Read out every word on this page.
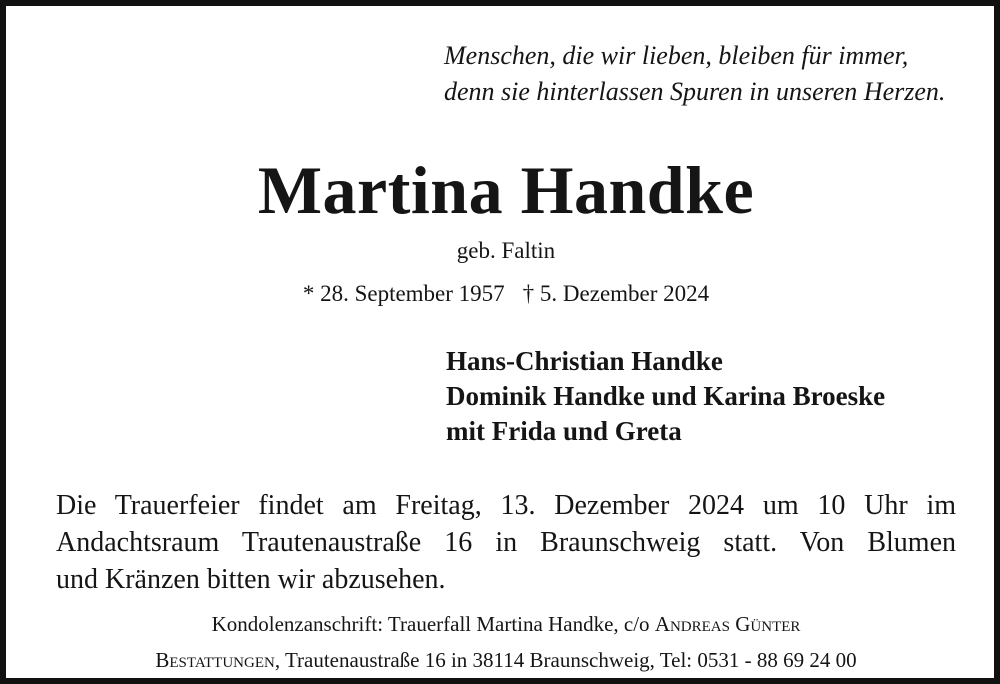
Menschen, die wir lieben, bleiben für immer,
denn sie hinterlassen Spuren in unseren Herzen.
Martina Handke
geb. Faltin
* 28. September 1957 † 5. Dezember 2024
Hans-Christian Handke
Dominik Handke und Karina Broeske
mit Frida und Greta
Die Trauerfeier findet am Freitag, 13. Dezember 2024 um 10 Uhr im
Andachtsraum Trautenaustraße 16 in Braunschweig statt. Von Blumen
und Kränzen bitten wir abzusehen.
Kondolenzanschrift: Trauerfall Martina Handke, c/o Andreas Günter
Bestattungen, Trautenaustraße 16 in 38114 Braunschweig, Tel: 0531 - 88 69 24 00
